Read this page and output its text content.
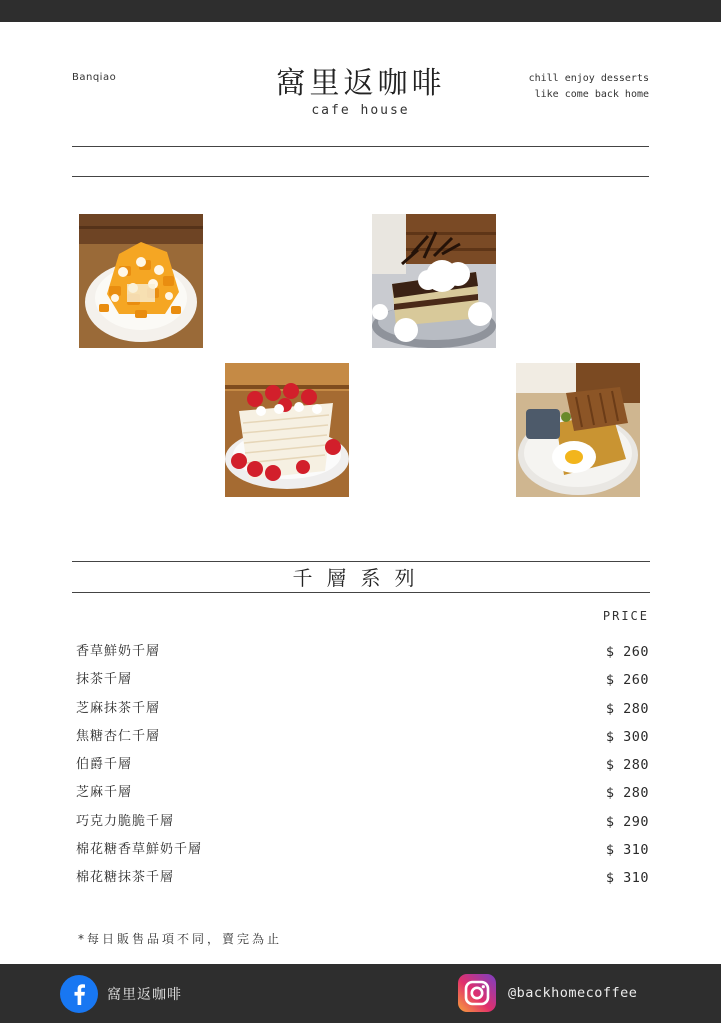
Banqiao	窩里返咖啡
cafe house
chill enjoy desserts
like come back home
千層系列
PRICE
香草鮮奶千層	$ 260
抹茶千層	$ 260
芝麻抹茶千層	$ 280
焦糖杏仁千層	$ 300
伯爵千層	$ 280
芝麻千層	$ 280
巧克力脆脆千層	$ 290
棉花糖香草鮮奶千層	$ 310
棉花糖抹茶千層	$ 310
*每日販售品項不同，賣完為止
窩里返咖啡	@backhomecoffee
